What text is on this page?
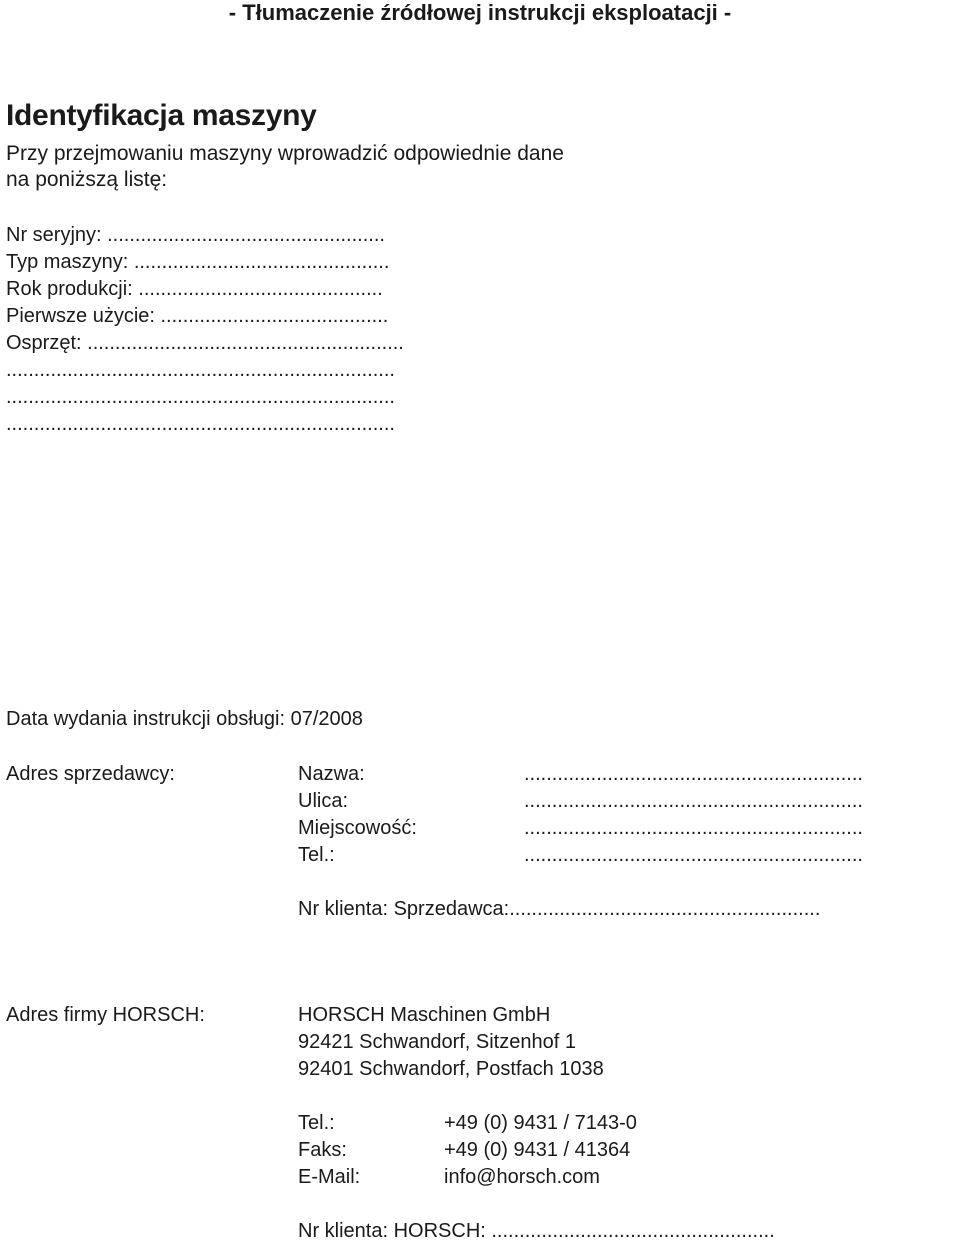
- Tłumaczenie źródłowej instrukcji eksploatacji -
Identyfikacja maszyny
Przy przejmowaniu maszyny wprowadzić odpowiednie dane
na poniższą listę:
Nr seryjny: ..................................................
Typ maszyny: ..............................................
Rok produkcji: ............................................
Pierwsze użycie: .........................................
Osprzęt: .........................................................
......................................................................
......................................................................
......................................................................
Data wydania instrukcji obsługi: 07/2008
Adres sprzedawcy:	Nazwa:	.............................................................
Ulica:	.............................................................
Miejscowość:	.............................................................
Tel.:	.............................................................
Nr klienta: Sprzedawca:........................................................
Adres firmy HORSCH:	HORSCH Maschinen GmbH
92421 Schwandorf, Sitzenhof 1
92401 Schwandorf, Postfach 1038
Tel.:	+49 (0) 9431 / 7143-0
Faks:	+49 (0) 9431 / 41364
E-Mail:	info@horsch.com
Nr klienta: HORSCH: ...................................................
